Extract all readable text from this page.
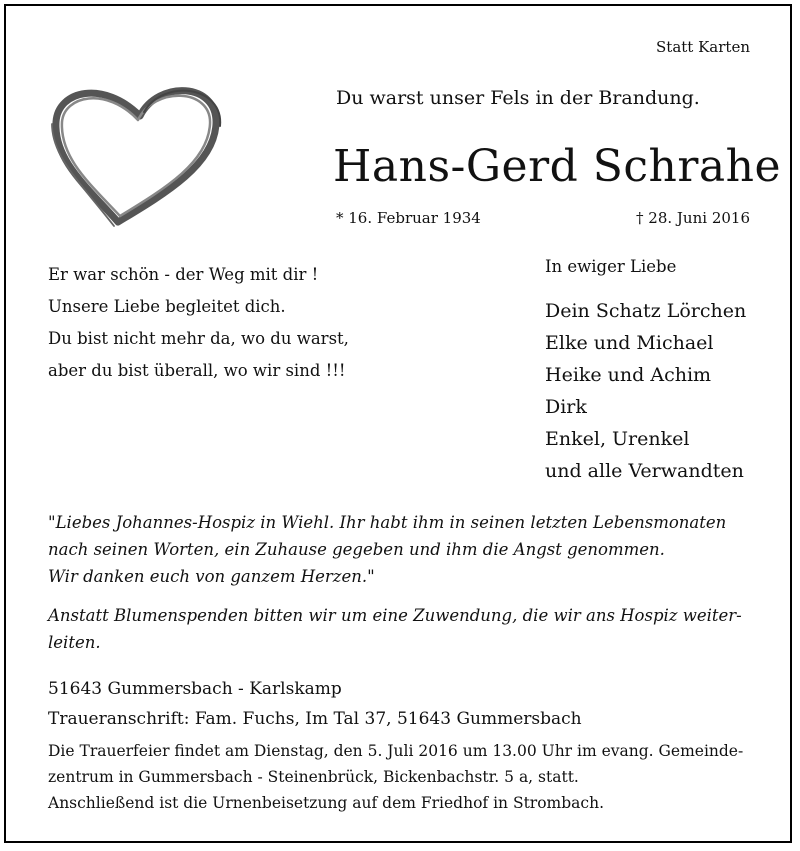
Statt Karten
Du warst unser Fels in der Brandung.
Hans-Gerd Schrahe
* 16. Februar 1934	† 28. Juni 2016
Er war schön - der Weg mit dir !
Unsere Liebe begleitet dich.
Du bist nicht mehr da, wo du warst,
aber du bist überall, wo wir sind !!!
In ewiger Liebe
Dein Schatz Lörchen
Elke und Michael
Heike und Achim
Dirk
Enkel, Urenkel
und alle Verwandten
"Liebes Johannes-Hospiz in Wiehl. Ihr habt ihm in seinen letzten Lebensmonaten
nach seinen Worten, ein Zuhause gegeben und ihm die Angst genommen.
Wir danken euch von ganzem Herzen."
Anstatt Blumenspenden bitten wir um eine Zuwendung, die wir ans Hospiz weiter-
leiten.
51643 Gummersbach - Karlskamp
Traueranschrift: Fam. Fuchs, Im Tal 37, 51643 Gummersbach
Die Trauerfeier findet am Dienstag, den 5. Juli 2016 um 13.00 Uhr im evang. Gemeinde-
zentrum in Gummersbach - Steinenbrück, Bickenbachstr. 5 a, statt.
Anschließend ist die Urnenbeisetzung auf dem Friedhof in Strombach.
